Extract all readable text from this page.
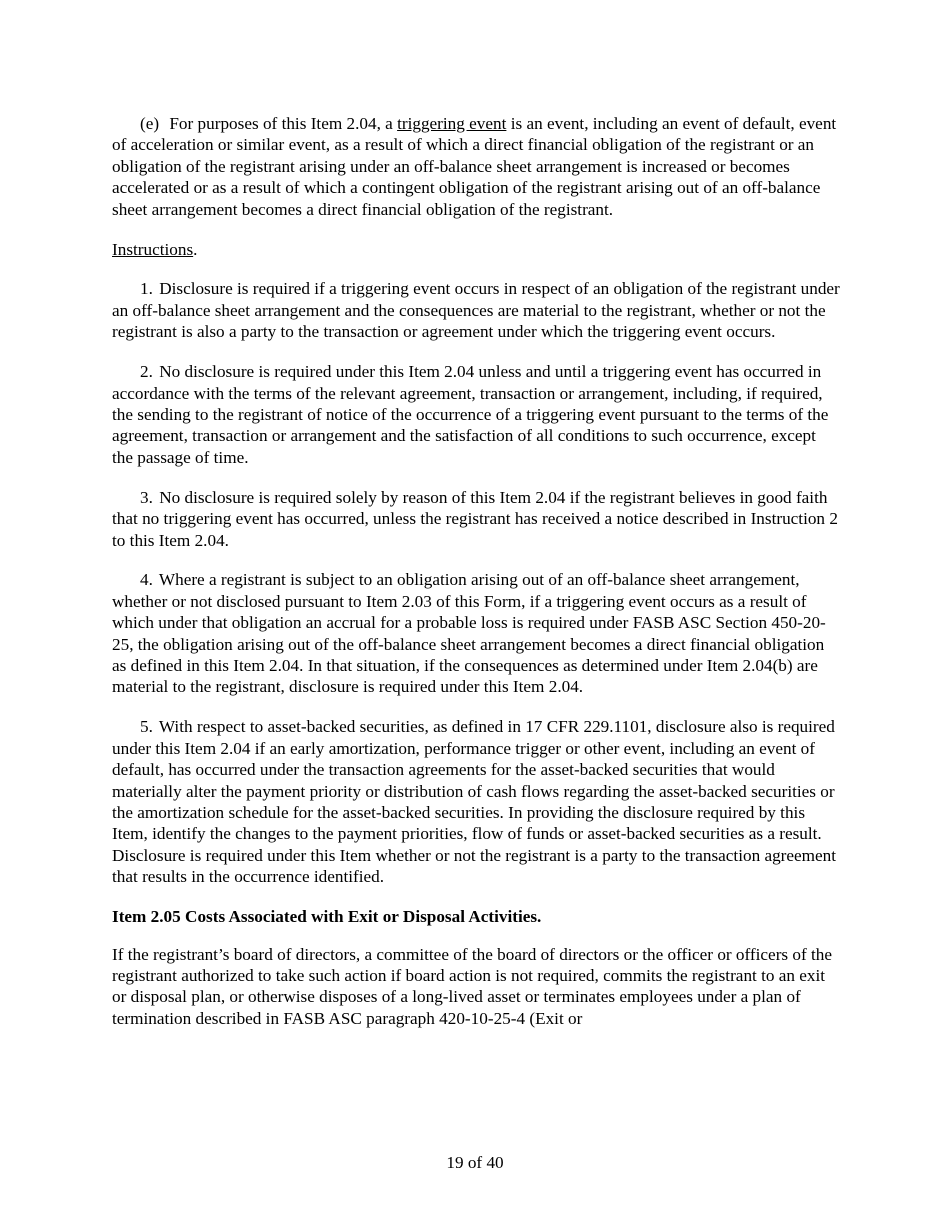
(e) For purposes of this Item 2.04, a triggering event is an event, including an event of default, event of acceleration or similar event, as a result of which a direct financial obligation of the registrant or an obligation of the registrant arising under an off-balance sheet arrangement is increased or becomes accelerated or as a result of which a contingent obligation of the registrant arising out of an off-balance sheet arrangement becomes a direct financial obligation of the registrant.

Instructions.

1. Disclosure is required if a triggering event occurs in respect of an obligation of the registrant under an off-balance sheet arrangement and the consequences are material to the registrant, whether or not the registrant is also a party to the transaction or agreement under which the triggering event occurs.

2. No disclosure is required under this Item 2.04 unless and until a triggering event has occurred in accordance with the terms of the relevant agreement, transaction or arrangement, including, if required, the sending to the registrant of notice of the occurrence of a triggering event pursuant to the terms of the agreement, transaction or arrangement and the satisfaction of all conditions to such occurrence, except the passage of time.

3. No disclosure is required solely by reason of this Item 2.04 if the registrant believes in good faith that no triggering event has occurred, unless the registrant has received a notice described in Instruction 2 to this Item 2.04.

4. Where a registrant is subject to an obligation arising out of an off-balance sheet arrangement, whether or not disclosed pursuant to Item 2.03 of this Form, if a triggering event occurs as a result of which under that obligation an accrual for a probable loss is required under FASB ASC Section 450-20-25, the obligation arising out of the off-balance sheet arrangement becomes a direct financial obligation as defined in this Item 2.04. In that situation, if the consequences as determined under Item 2.04(b) are material to the registrant, disclosure is required under this Item 2.04.

5. With respect to asset-backed securities, as defined in 17 CFR 229.1101, disclosure also is required under this Item 2.04 if an early amortization, performance trigger or other event, including an event of default, has occurred under the transaction agreements for the asset-backed securities that would materially alter the payment priority or distribution of cash flows regarding the asset-backed securities or the amortization schedule for the asset-backed securities. In providing the disclosure required by this Item, identify the changes to the payment priorities, flow of funds or asset-backed securities as a result. Disclosure is required under this Item whether or not the registrant is a party to the transaction agreement that results in the occurrence identified.

Item 2.05 Costs Associated with Exit or Disposal Activities.

If the registrant’s board of directors, a committee of the board of directors or the officer or officers of the registrant authorized to take such action if board action is not required, commits the registrant to an exit or disposal plan, or otherwise disposes of a long-lived asset or terminates employees under a plan of termination described in FASB ASC paragraph 420-10-25-4 (Exit or

19 of 40
